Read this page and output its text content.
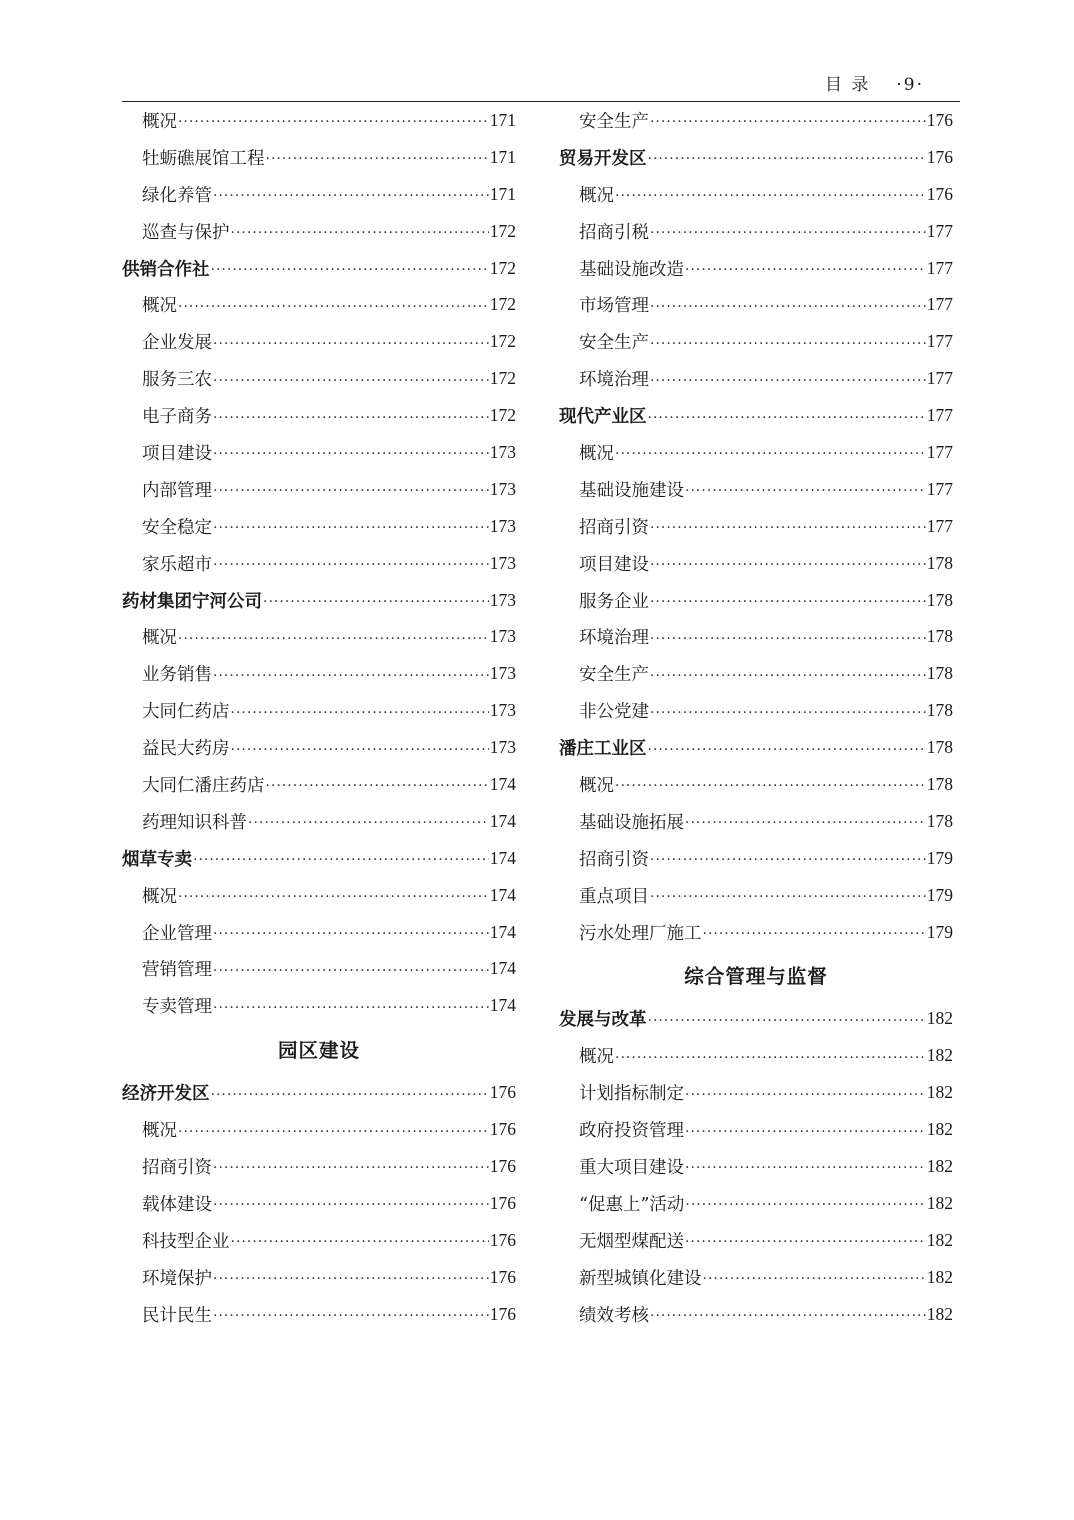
目 录 ·9·
概况 ·····	171
牡蛎礁展馆工程 ·····	171
绿化养管 ·····	171
巡查与保护 ·····	172
供销合作社 ·····	172
概况 ·····	172
企业发展 ·····	172
服务三农 ·····	172
电子商务 ·····	172
项目建设 ·····	173
内部管理 ·····	173
安全稳定 ·····	173
家乐超市 ·····	173
药材集团宁河公司 ·····	173
概况 ·····	173
业务销售 ·····	173
大同仁药店 ·····	173
益民大药房 ·····	173
大同仁潘庄药店 ·····	174
药理知识科普 ·····	174
烟草专卖 ·····	174
概况 ·····	174
企业管理 ·····	174
营销管理 ·····	174
专卖管理 ·····	174
园区建设
经济开发区 ·····	176
概况 ·····	176
招商引资 ·····	176
载体建设 ·····	176
科技型企业 ·····	176
环境保护 ·····	176
民计民生 ·····	176
安全生产 ·····	176
贸易开发区 ·····	176
概况 ·····	176
招商引税 ·····	177
基础设施改造 ·····	177
市场管理 ·····	177
安全生产 ·····	177
环境治理 ·····	177
现代产业区 ·····	177
概况 ·····	177
基础设施建设 ·····	177
招商引资 ·····	177
项目建设 ·····	178
服务企业 ·····	178
环境治理 ·····	178
安全生产 ·····	178
非公党建 ·····	178
潘庄工业区 ·····	178
概况 ·····	178
基础设施拓展 ·····	178
招商引资 ·····	179
重点项目 ·····	179
污水处理厂施工 ·····	179
综合管理与监督
发展与改革 ·····	182
概况 ·····	182
计划指标制定 ·····	182
政府投资管理 ·····	182
重大项目建设 ·····	182
“促惠上”活动 ·····	182
无烟型煤配送 ·····	182
新型城镇化建设 ·····	182
绩效考核 ·····	182
